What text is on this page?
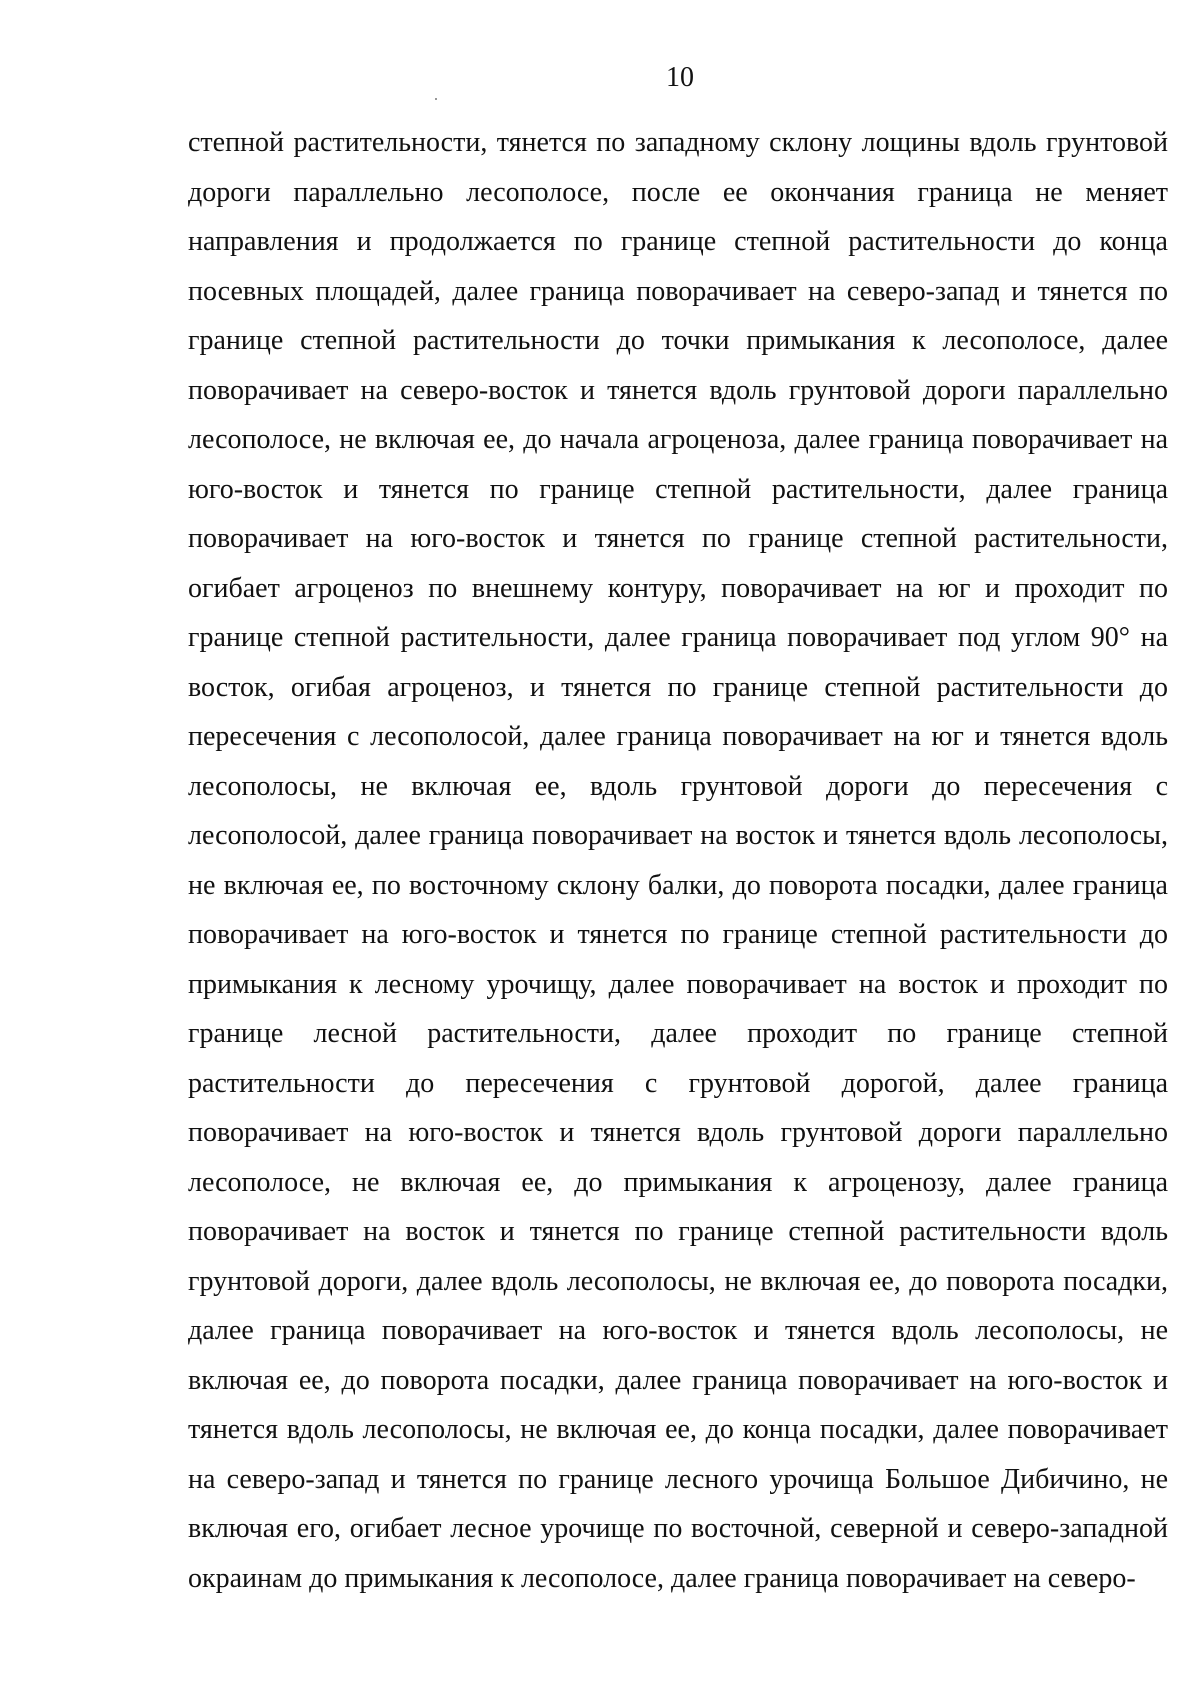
10
степной растительности, тянется по западному склону лощины вдоль грунтовой
дороги параллельно лесополосе, после ее окончания граница не меняет
направления и продолжается по границе степной растительности до конца
посевных площадей, далее граница поворачивает на северо-запад и тянется по
границе степной растительности до точки примыкания к лесополосе, далее
поворачивает на северо-восток и тянется вдоль грунтовой дороги параллельно
лесополосе, не включая ее, до начала агроценоза, далее граница поворачивает на
юго-восток и тянется по границе степной растительности, далее граница
поворачивает на юго-восток и тянется по границе степной растительности,
огибает агроценоз по внешнему контуру, поворачивает на юг и проходит по
границе степной растительности, далее граница поворачивает под углом 90° на
восток, огибая агроценоз, и тянется по границе степной растительности до
пересечения с лесополосой, далее граница поворачивает на юг и тянется вдоль
лесополосы, не включая ее, вдоль грунтовой дороги до пересечения с
лесополосой, далее граница поворачивает на восток и тянется вдоль лесополосы,
не включая ее, по восточному склону балки, до поворота посадки, далее граница
поворачивает на юго-восток и тянется по границе степной растительности до
примыкания к лесному урочищу, далее поворачивает на восток и проходит по
границе лесной растительности, далее проходит по границе степной
растительности до пересечения с грунтовой дорогой, далее граница
поворачивает на юго-восток и тянется вдоль грунтовой дороги параллельно
лесополосе, не включая ее, до примыкания к агроценозу, далее граница
поворачивает на восток и тянется по границе степной растительности вдоль
грунтовой дороги, далее вдоль лесополосы, не включая ее, до поворота посадки,
далее граница поворачивает на юго-восток и тянется вдоль лесополосы, не
включая ее, до поворота посадки, далее граница поворачивает на юго-восток и
тянется вдоль лесополосы, не включая ее, до конца посадки, далее поворачивает
на северо-запад и тянется по границе лесного урочища Большое Дибичино, не
включая его, огибает лесное урочище по восточной, северной и северо-западной
окраинам до примыкания к лесополосе, далее граница поворачивает на северо-
